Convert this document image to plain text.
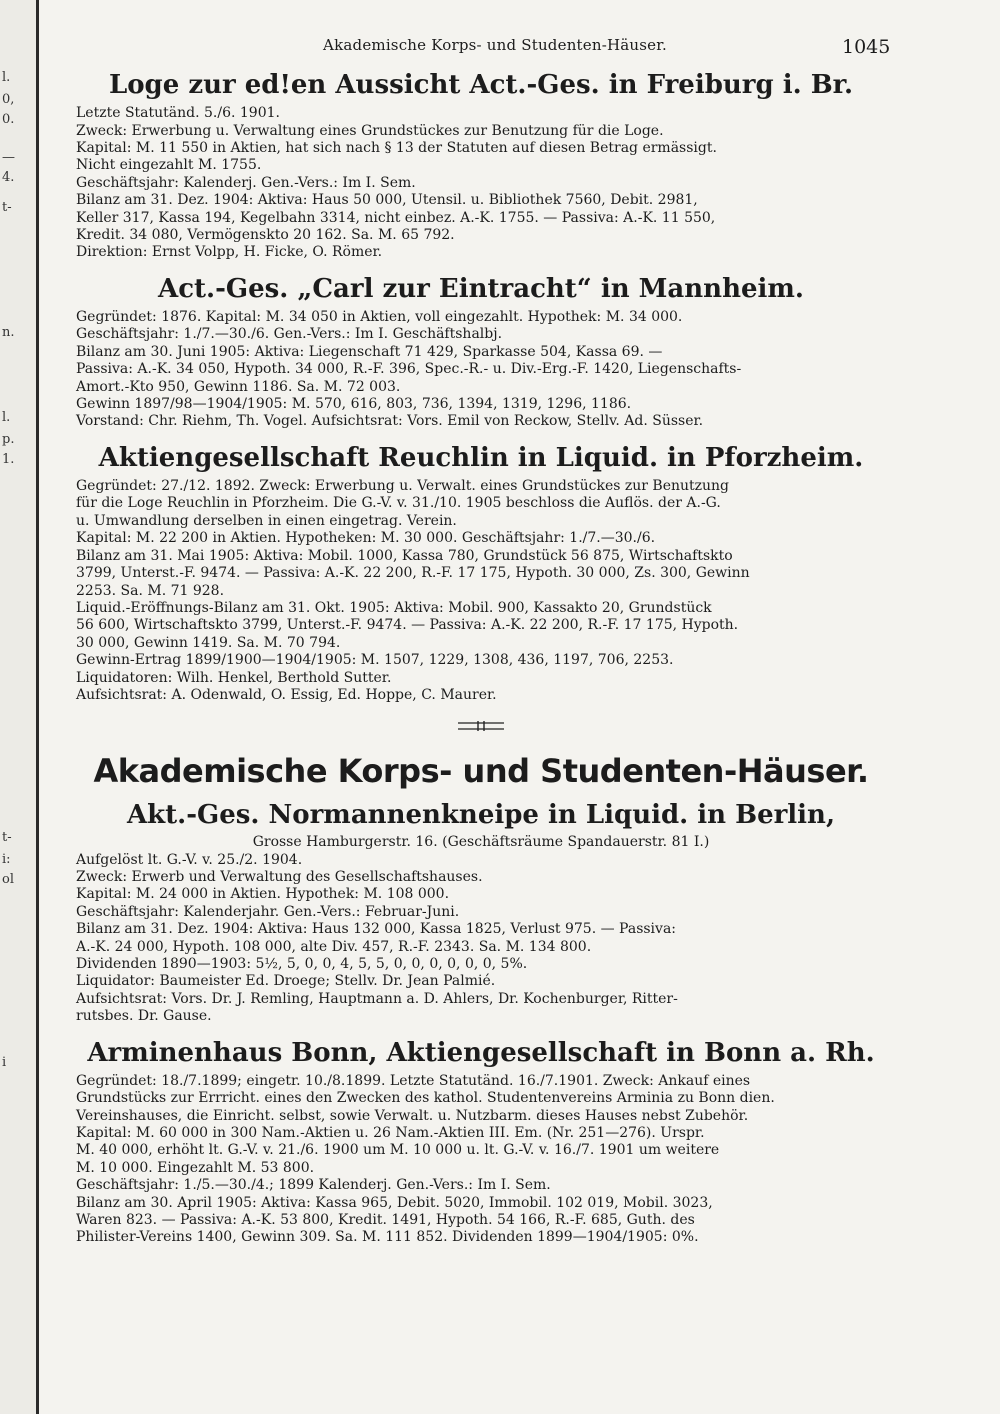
l.
0,
0.
—
4.
t-
n.
l.
p.
1.
t-
i:
ol
i
Akademische Korps- und Studenten-Häuser.	1045
Loge zur ed!en Aussicht Act.-Ges. in Freiburg i. Br.
Letzte Statutänd. 5./6. 1901.
Zweck: Erwerbung u. Verwaltung eines Grundstückes zur Benutzung für die Loge.
Kapital: M. 11 550 in Aktien, hat sich nach § 13 der Statuten auf diesen Betrag ermässigt.
Nicht eingezahlt M. 1755.
Geschäftsjahr: Kalenderj. Gen.-Vers.: Im I. Sem.
Bilanz am 31. Dez. 1904: Aktiva: Haus 50 000, Utensil. u. Bibliothek 7560, Debit. 2981,
Keller 317, Kassa 194, Kegelbahn 3314, nicht einbez. A.-K. 1755. — Passiva: A.-K. 11 550,
Kredit. 34 080, Vermögenskto 20 162. Sa. M. 65 792.
Direktion: Ernst Volpp, H. Ficke, O. Römer.
Act.-Ges. „Carl zur Eintracht“ in Mannheim.
Gegründet: 1876. Kapital: M. 34 050 in Aktien, voll eingezahlt. Hypothek: M. 34 000.
Geschäftsjahr: 1./7.—30./6. Gen.-Vers.: Im I. Geschäftshalbj.
Bilanz am 30. Juni 1905: Aktiva: Liegenschaft 71 429, Sparkasse 504, Kassa 69. —
Passiva: A.-K. 34 050, Hypoth. 34 000, R.-F. 396, Spec.-R.- u. Div.-Erg.-F. 1420, Liegenschafts-
Amort.-Kto 950, Gewinn 1186. Sa. M. 72 003.
Gewinn 1897/98—1904/1905: M. 570, 616, 803, 736, 1394, 1319, 1296, 1186.
Vorstand: Chr. Riehm, Th. Vogel. Aufsichtsrat: Vors. Emil von Reckow, Stellv. Ad. Süsser.
Aktiengesellschaft Reuchlin in Liquid. in Pforzheim.
Gegründet: 27./12. 1892. Zweck: Erwerbung u. Verwalt. eines Grundstückes zur Benutzung
für die Loge Reuchlin in Pforzheim. Die G.-V. v. 31./10. 1905 beschloss die Auflös. der A.-G.
u. Umwandlung derselben in einen eingetrag. Verein.
Kapital: M. 22 200 in Aktien. Hypotheken: M. 30 000. Geschäftsjahr: 1./7.—30./6.
Bilanz am 31. Mai 1905: Aktiva: Mobil. 1000, Kassa 780, Grundstück 56 875, Wirtschaftskto
3799, Unterst.-F. 9474. — Passiva: A.-K. 22 200, R.-F. 17 175, Hypoth. 30 000, Zs. 300, Gewinn
2253. Sa. M. 71 928.
Liquid.-Eröffnungs-Bilanz am 31. Okt. 1905: Aktiva: Mobil. 900, Kassakto 20, Grundstück
56 600, Wirtschaftskto 3799, Unterst.-F. 9474. — Passiva: A.-K. 22 200, R.-F. 17 175, Hypoth.
30 000, Gewinn 1419. Sa. M. 70 794.
Gewinn-Ertrag 1899/1900—1904/1905: M. 1507, 1229, 1308, 436, 1197, 706, 2253.
Liquidatoren: Wilh. Henkel, Berthold Sutter.
Aufsichtsrat: A. Odenwald, O. Essig, Ed. Hoppe, C. Maurer.
Akademische Korps- und Studenten-Häuser.
Akt.-Ges. Normannenkneipe in Liquid. in Berlin,
Grosse Hamburgerstr. 16. (Geschäftsräume Spandauerstr. 81 I.)
Aufgelöst lt. G.-V. v. 25./2. 1904.
Zweck: Erwerb und Verwaltung des Gesellschaftshauses.
Kapital: M. 24 000 in Aktien. Hypothek: M. 108 000.
Geschäftsjahr: Kalenderjahr. Gen.-Vers.: Februar-Juni.
Bilanz am 31. Dez. 1904: Aktiva: Haus 132 000, Kassa 1825, Verlust 975. — Passiva:
A.-K. 24 000, Hypoth. 108 000, alte Div. 457, R.-F. 2343. Sa. M. 134 800.
Dividenden 1890—1903: 5½, 5, 0, 0, 4, 5, 5, 0, 0, 0, 0, 0, 0, 5%.
Liquidator: Baumeister Ed. Droege; Stellv. Dr. Jean Palmié.
Aufsichtsrat: Vors. Dr. J. Remling, Hauptmann a. D. Ahlers, Dr. Kochenburger, Ritter-
rutsbes. Dr. Gause.
Arminenhaus Bonn, Aktiengesellschaft in Bonn a. Rh.
Gegründet: 18./7.1899; eingetr. 10./8.1899. Letzte Statutänd. 16./7.1901. Zweck: Ankauf eines
Grundstücks zur Errricht. eines den Zwecken des kathol. Studentenvereins Arminia zu Bonn dien.
Vereinshauses, die Einricht. selbst, sowie Verwalt. u. Nutzbarm. dieses Hauses nebst Zubehör.
Kapital: M. 60 000 in 300 Nam.-Aktien u. 26 Nam.-Aktien III. Em. (Nr. 251—276). Urspr.
M. 40 000, erhöht lt. G.-V. v. 21./6. 1900 um M. 10 000 u. lt. G.-V. v. 16./7. 1901 um weitere
M. 10 000. Eingezahlt M. 53 800.
Geschäftsjahr: 1./5.—30./4.; 1899 Kalenderj. Gen.-Vers.: Im I. Sem.
Bilanz am 30. April 1905: Aktiva: Kassa 965, Debit. 5020, Immobil. 102 019, Mobil. 3023,
Waren 823. — Passiva: A.-K. 53 800, Kredit. 1491, Hypoth. 54 166, R.-F. 685, Guth. des
Philister-Vereins 1400, Gewinn 309. Sa. M. 111 852. Dividenden 1899—1904/1905: 0%.
